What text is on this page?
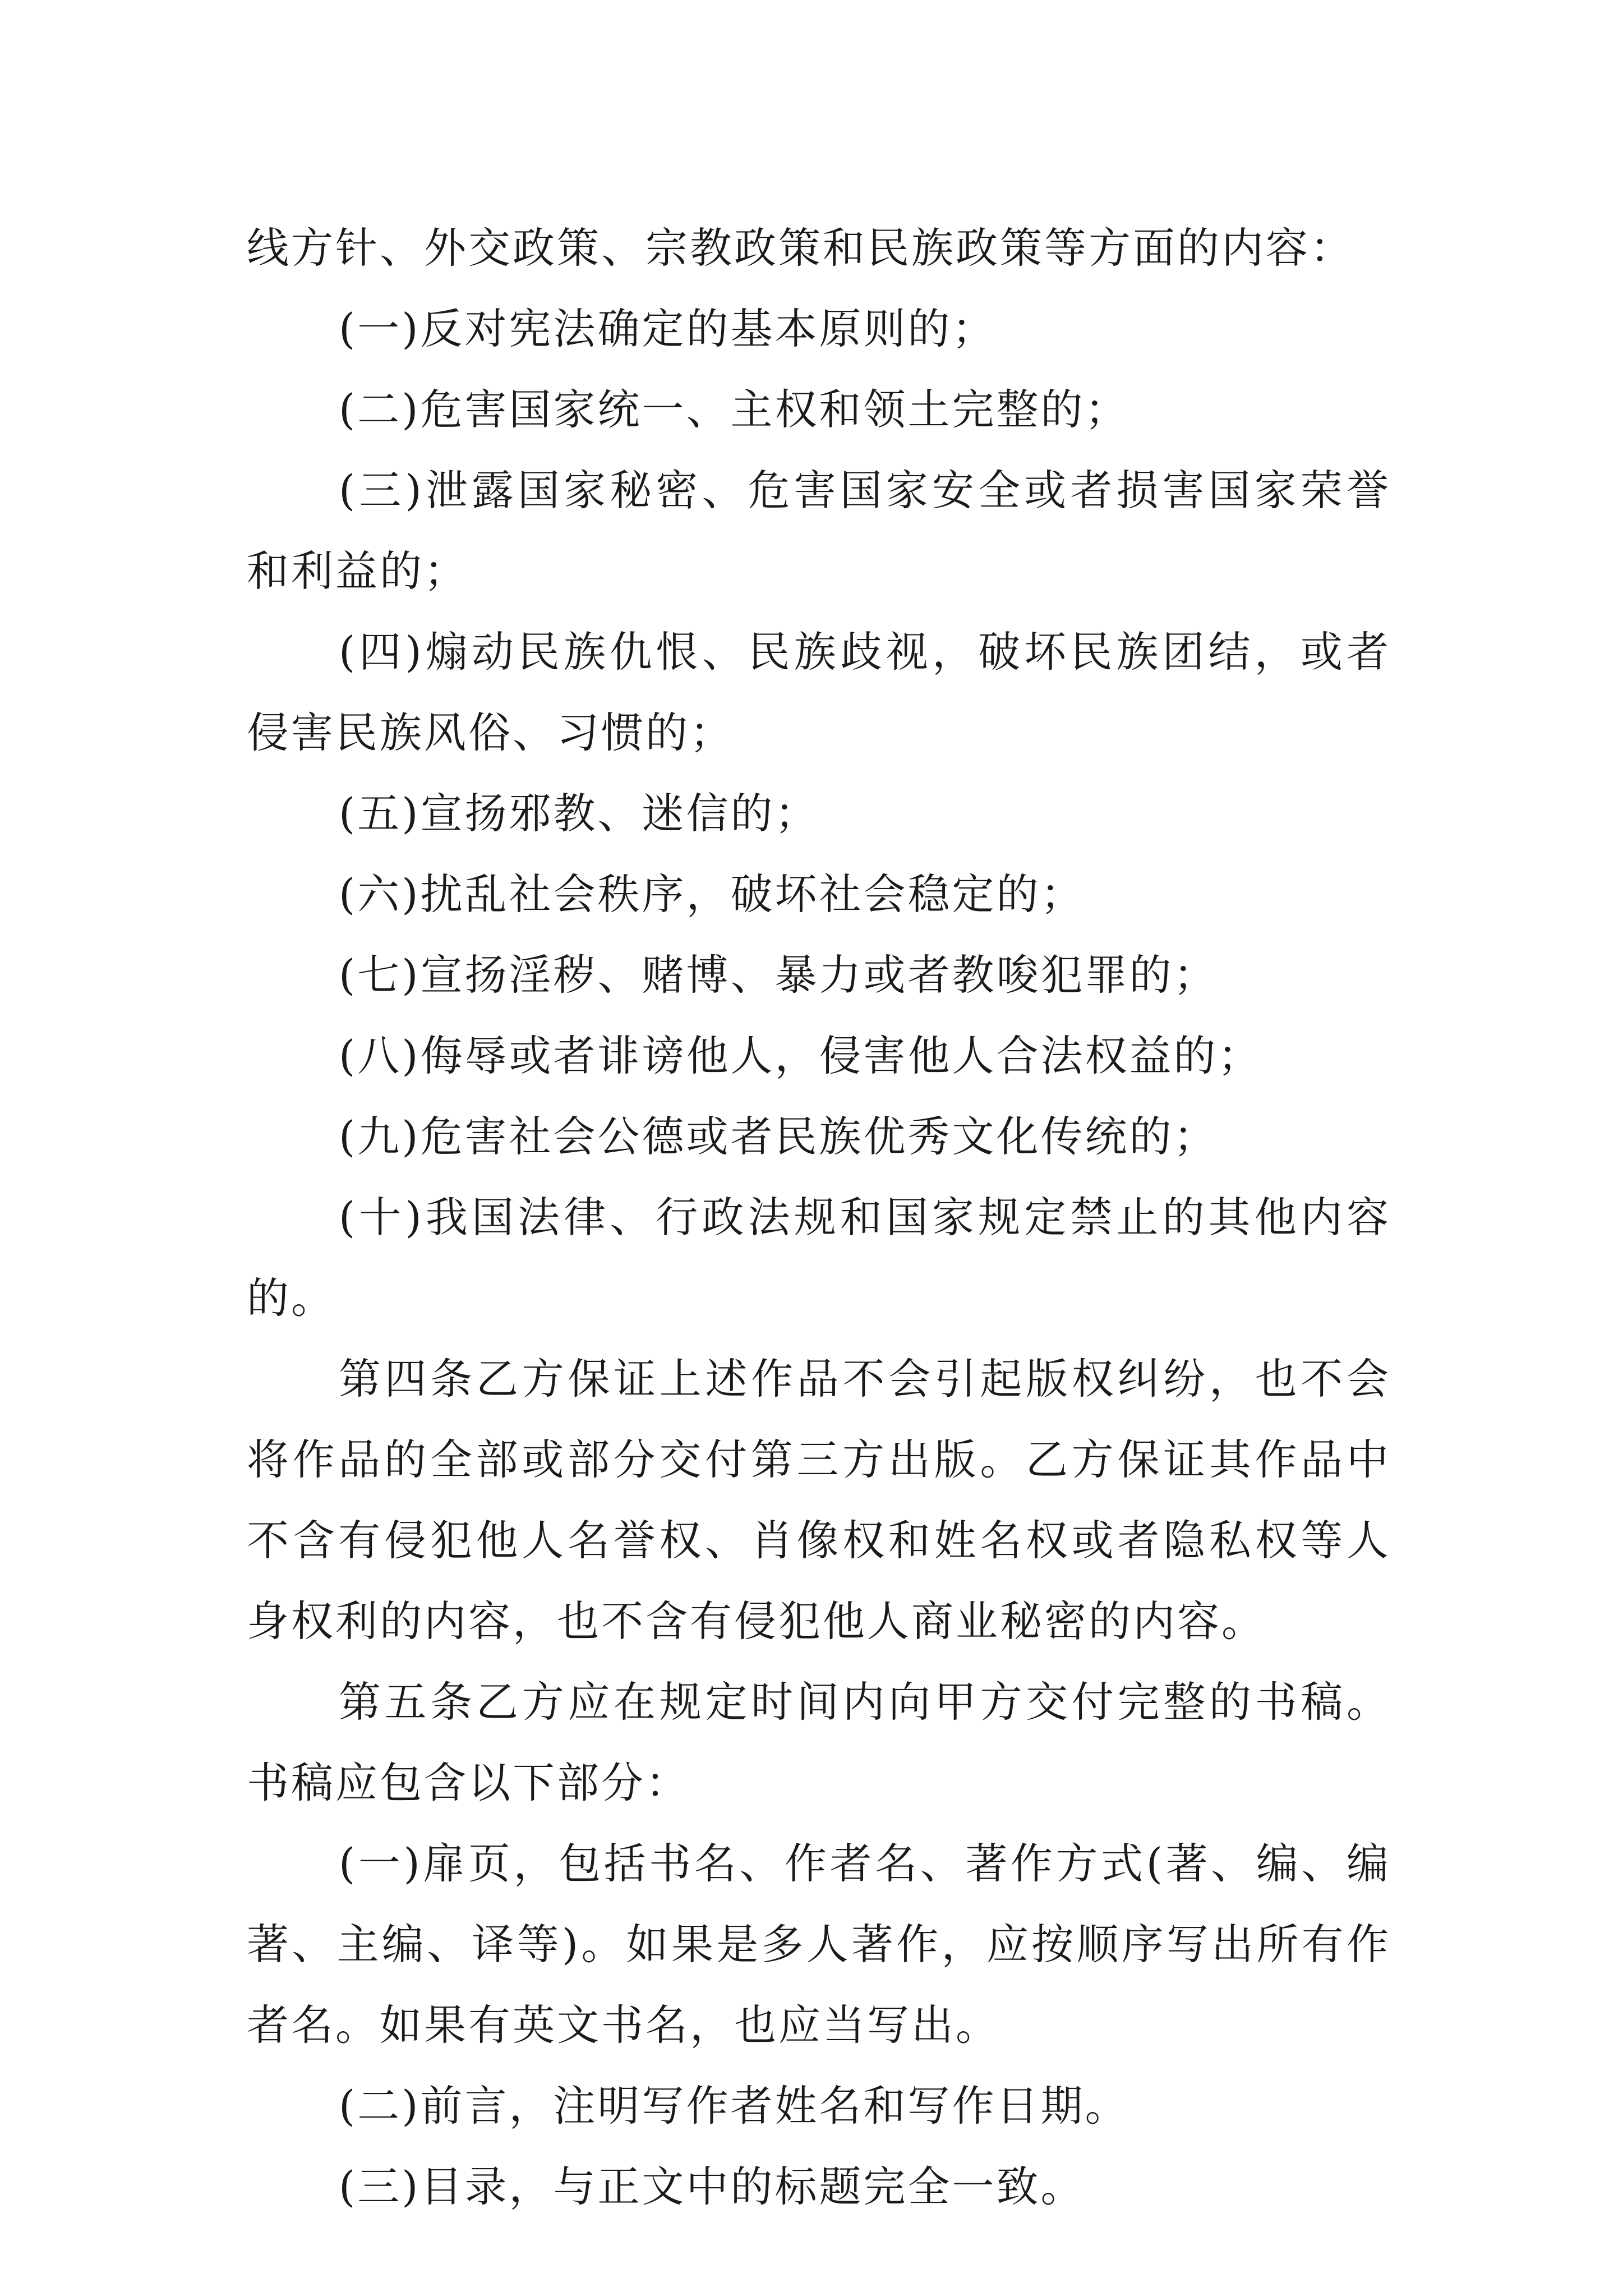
线方针、外交政策、宗教政策和民族政策等方面的内容：

(一)反对宪法确定的基本原则的；

(二)危害国家统一、主权和领土完整的；

(三)泄露国家秘密、危害国家安全或者损害国家荣誉和利益的；

(四)煽动民族仇恨、民族歧视，破坏民族团结，或者侵害民族风俗、习惯的；

(五)宣扬邪教、迷信的；

(六)扰乱社会秩序，破坏社会稳定的；

(七)宣扬淫秽、赌博、暴力或者教唆犯罪的；

(八)侮辱或者诽谤他人，侵害他人合法权益的；

(九)危害社会公德或者民族优秀文化传统的；

(十)我国法律、行政法规和国家规定禁止的其他内容的。

第四条乙方保证上述作品不会引起版权纠纷，也不会将作品的全部或部分交付第三方出版。乙方保证其作品中不含有侵犯他人名誉权、肖像权和姓名权或者隐私权等人身权利的内容，也不含有侵犯他人商业秘密的内容。

第五条乙方应在规定时间内向甲方交付完整的书稿。书稿应包含以下部分：

(一)扉页，包括书名、作者名、著作方式(著、编、编著、主编、译等)。如果是多人著作，应按顺序写出所有作者名。如果有英文书名，也应当写出。

(二)前言，注明写作者姓名和写作日期。

(三)目录，与正文中的标题完全一致。
